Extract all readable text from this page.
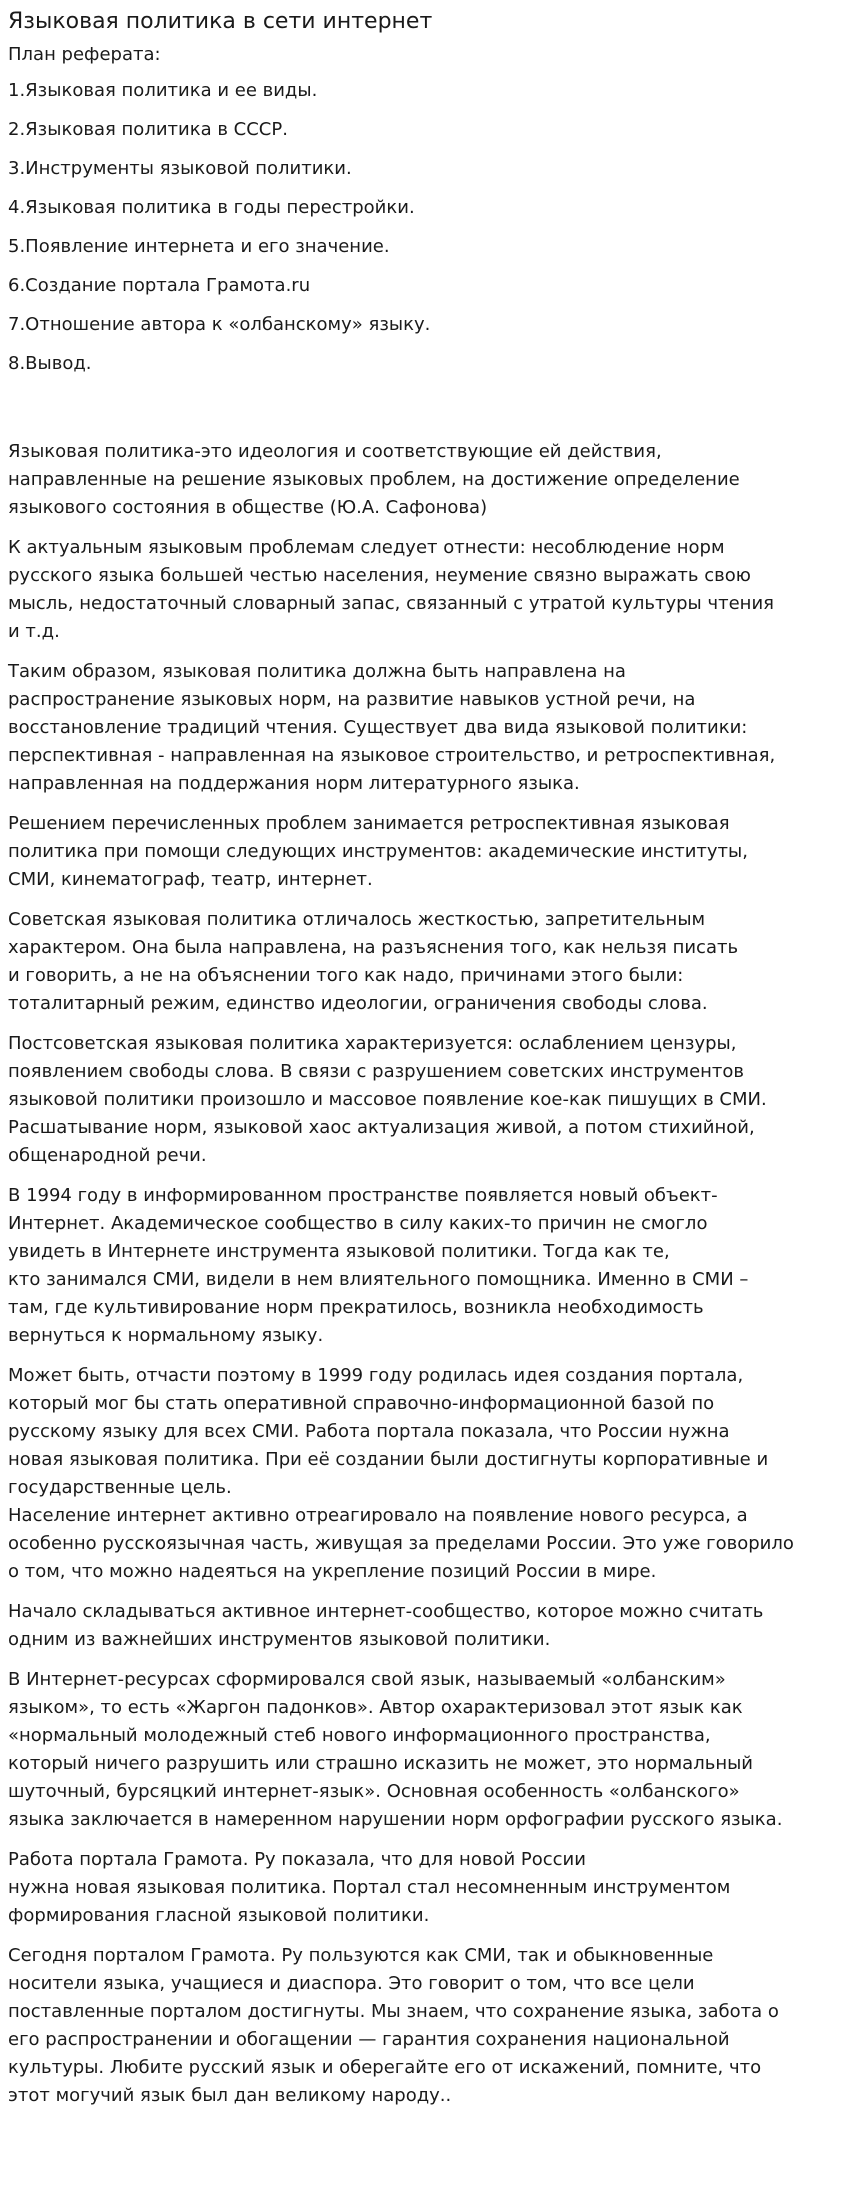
Языковая политика в сети интернет
План реферата:
1.Языковая политика и ее виды.
2.Языковая политика в СССР.
3.Инструменты языковой политики.
4.Языковая политика в годы перестройки.
5.Появление интернета и его значение.
6.Создание портала Грамота.ru
7.Отношение автора к «олбанскому» языку.
8.Вывод.

Языковая политика-это идеология и соответствующие ей действия,
направленные на решение языковых проблем, на достижение определение
языкового состояния в обществе (Ю.А. Сафонова)

К актуальным языковым проблемам следует отнести: несоблюдение норм
русского языка большей честью населения, неумение связно выражать свою
мысль, недостаточный словарный запас, связанный с утратой культуры чтения
и т.д.

Таким образом, языковая политика должна быть направлена на
распространение языковых норм, на развитие навыков устной речи, на
восстановление традиций чтения. Существует два вида языковой политики:
перспективная - направленная на языковое строительство, и ретроспективная,
направленная на поддержания норм литературного языка.

Решением перечисленных проблем занимается ретроспективная языковая
политика при помощи следующих инструментов: академические институты,
СМИ, кинематограф, театр, интернет.

Советская языковая политика отличалось жесткостью, запретительным
характером. Она была направлена, на разъяснения того, как нельзя писать
и говорить, а не на объяснении того как надо, причинами этого были:
тоталитарный режим, единство идеологии, ограничения свободы слова.

Постсоветская языковая политика характеризуется: ослаблением цензуры,
появлением свободы слова. В связи с разрушением советских инструментов
языковой политики произошло и массовое появление кое-как пишущих в СМИ.
Расшатывание норм, языковой хаос актуализация живой, а потом стихийной,
общенародной речи.

В 1994 году в информированном пространстве появляется новый объект-
Интернет. Академическое сообщество в силу каких-то причин не смогло
увидеть в Интернете инструмента языковой политики. Тогда как те,
кто занимался СМИ, видели в нем влиятельного помощника. Именно в СМИ –
там, где культивирование норм прекратилось, возникла необходимость
вернуться к нормальному языку.

Может быть, отчасти поэтому в 1999 году родилась идея создания портала,
который мог бы стать оперативной справочно-информационной базой по
русскому языку для всех СМИ. Работа портала показала, что России нужна
новая языковая политика. При её создании были достигнуты корпоративные и
государственные цель.

Население интернет активно отреагировало на появление нового ресурса, а
особенно русскоязычная часть, живущая за пределами России. Это уже говорило
о том, что можно надеяться на укрепление позиций России в мире.

Начало складываться активное интернет-сообщество, которое можно считать
одним из важнейших инструментов языковой политики.

В Интернет-ресурсах сформировался свой язык, называемый «олбанским»
языком», то есть «Жаргон падонков». Автор охарактеризовал этот язык как
«нормальный молодежный стеб нового информационного пространства,
который ничего разрушить или страшно исказить не может, это нормальный
шуточный, бурсяцкий интернет-язык». Основная особенность «олбанского»
языка заключается в намеренном нарушении норм орфографии русского языка.

Работа портала Грамота. Ру показала, что для новой России
нужна новая языковая политика. Портал стал несомненным инструментом
формирования гласной языковой политики.

Сегодня порталом Грамота. Ру пользуются как СМИ, так и обыкновенные
носители языка, учащиеся и диаспора. Это говорит о том, что все цели
поставленные порталом достигнуты. Мы знаем, что сохранение языка, забота о
его распространении и обогащении — гарантия сохранения национальной
культуры. Любите русский язык и оберегайте его от искажений, помните, что
этот могучий язык был дан великому народу..
